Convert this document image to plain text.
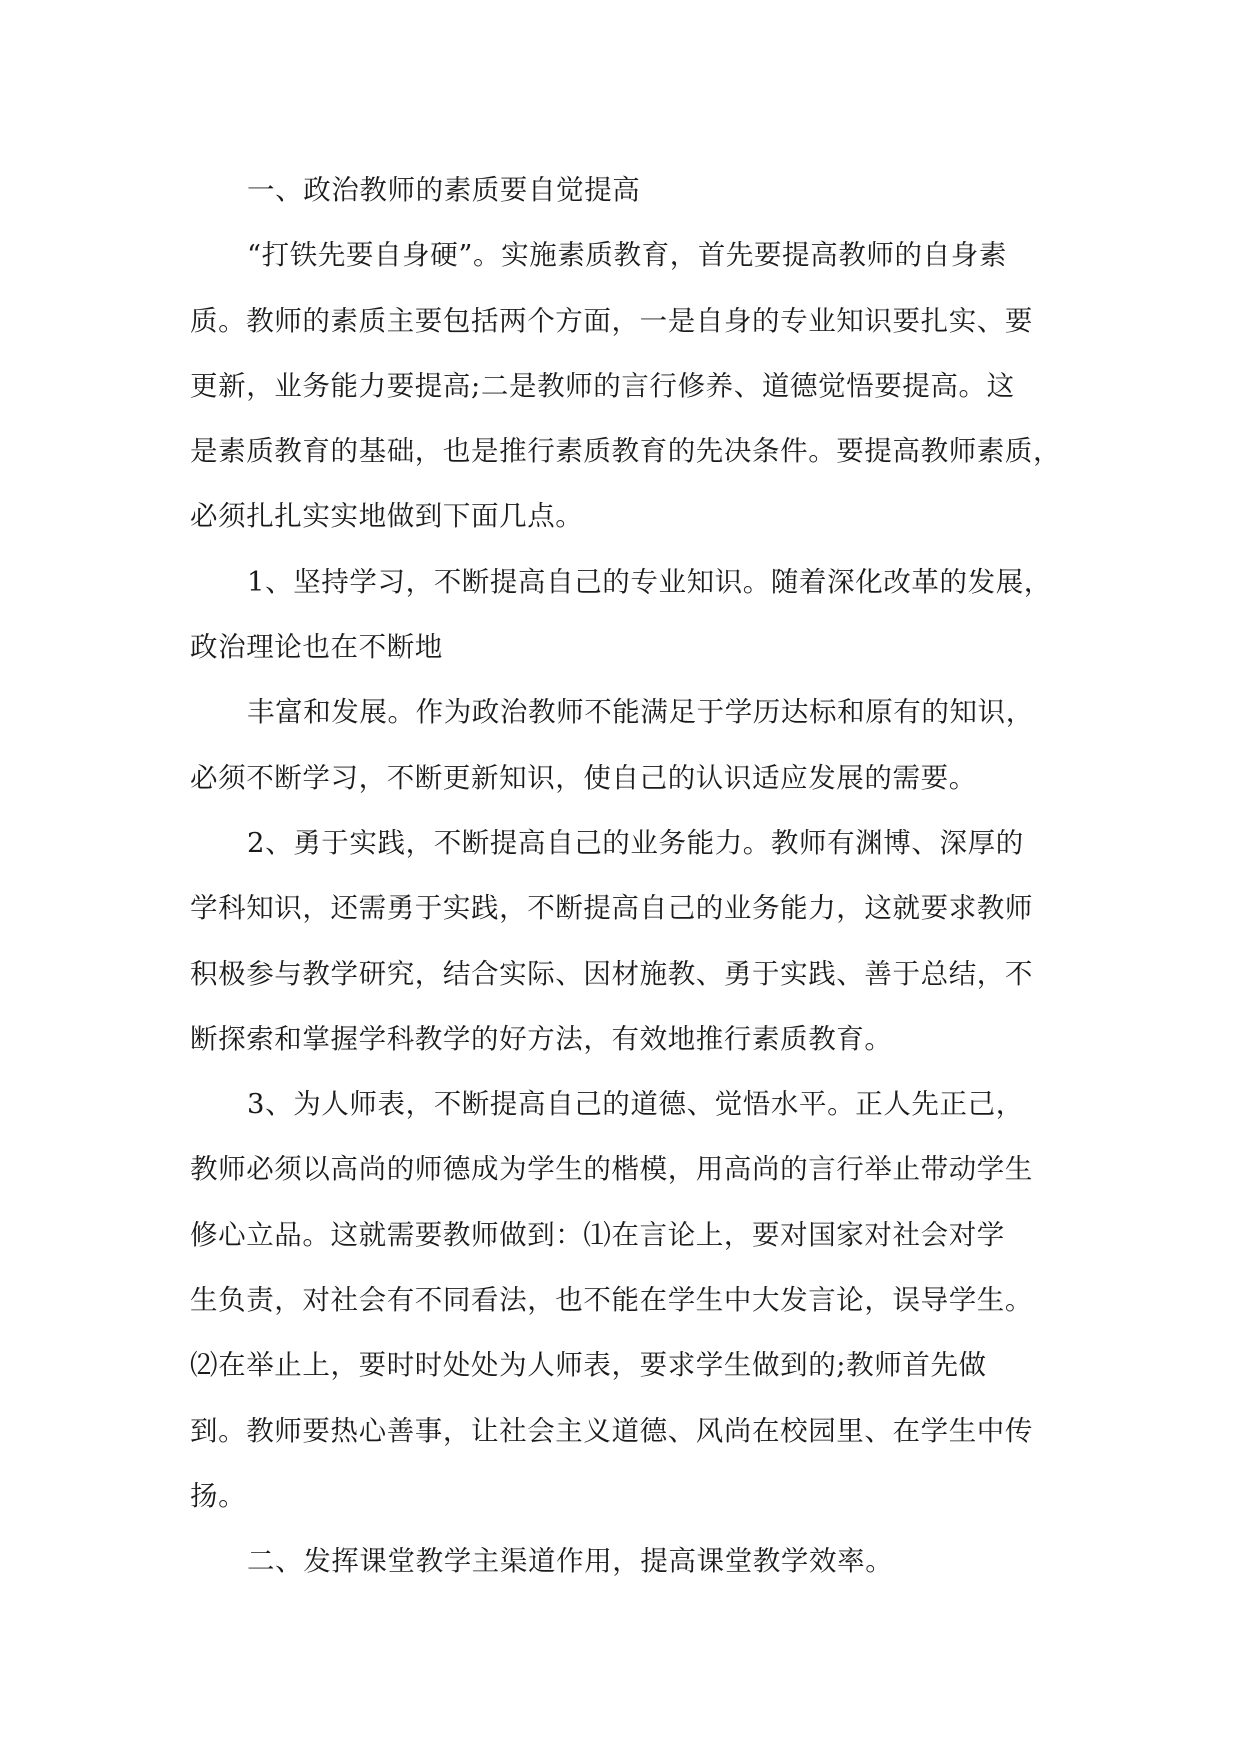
一、政治教师的素质要自觉提高
“打铁先要自身硬”。实施素质教育，首先要提高教师的自身素
质。教师的素质主要包括两个方面，一是自身的专业知识要扎实、要
更新，业务能力要提高;二是教师的言行修养、道德觉悟要提高。这
是素质教育的基础，也是推行素质教育的先决条件。要提高教师素质，
必须扎扎实实地做到下面几点。
1、坚持学习，不断提高自己的专业知识。随着深化改革的发展，
政治理论也在不断地
丰富和发展。作为政治教师不能满足于学历达标和原有的知识，
必须不断学习，不断更新知识，使自己的认识适应发展的需要。
2、勇于实践，不断提高自己的业务能力。教师有渊博、深厚的
学科知识，还需勇于实践，不断提高自己的业务能力，这就要求教师
积极参与教学研究，结合实际、因材施教、勇于实践、善于总结，不
断探索和掌握学科教学的好方法，有效地推行素质教育。
3、为人师表，不断提高自己的道德、觉悟水平。正人先正己，
教师必须以高尚的师德成为学生的楷模，用高尚的言行举止带动学生
修心立品。这就需要教师做到：⑴在言论上，要对国家对社会对学
生负责，对社会有不同看法，也不能在学生中大发言论，误导学生。
⑵在举止上，要时时处处为人师表，要求学生做到的;教师首先做
到。教师要热心善事，让社会主义道德、风尚在校园里、在学生中传
扬。
二、发挥课堂教学主渠道作用，提高课堂教学效率。
